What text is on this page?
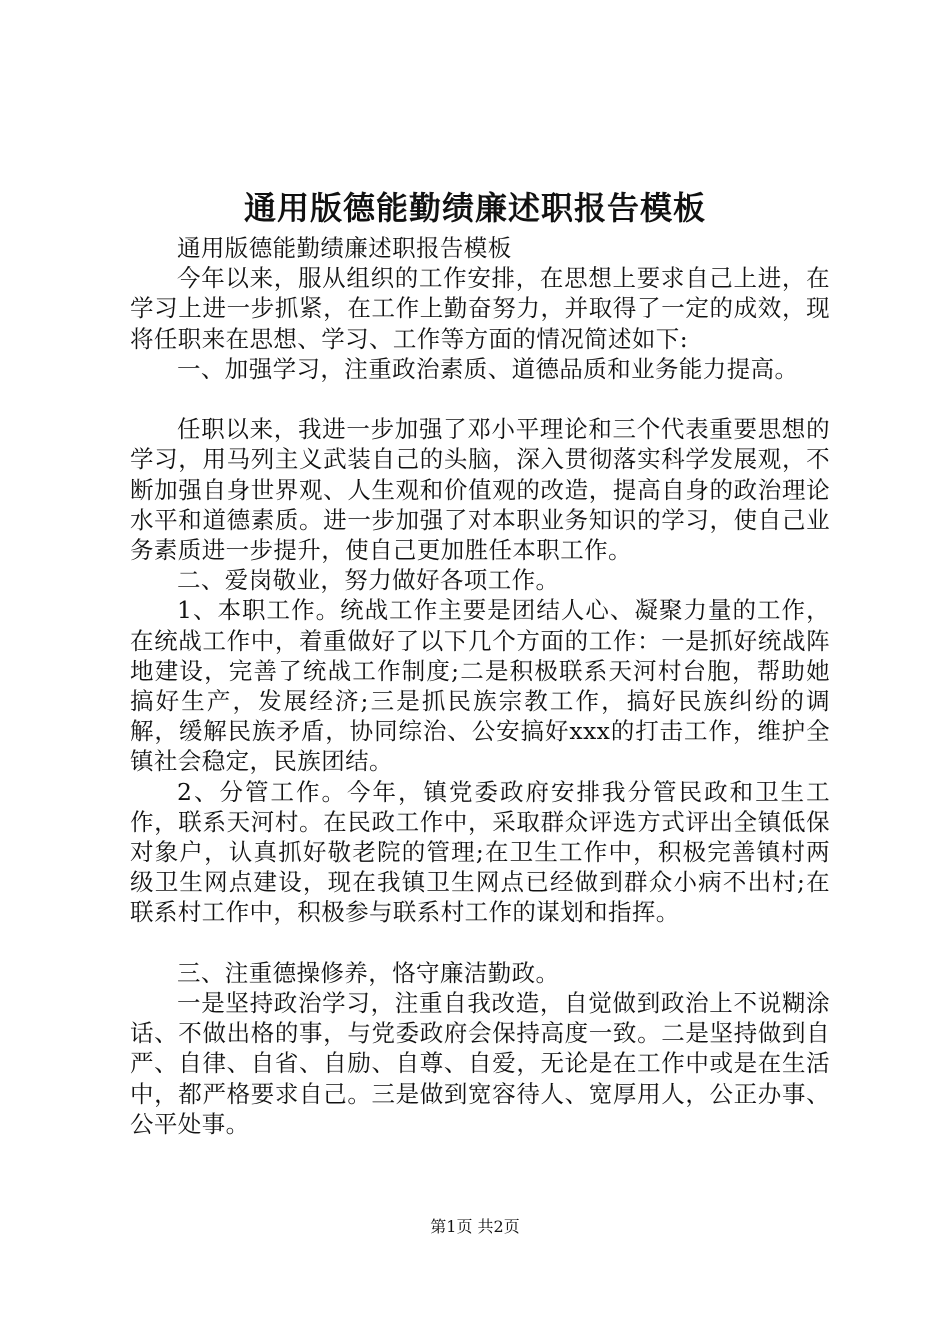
通用版德能勤绩廉述职报告模板

通用版德能勤绩廉述职报告模板

今年以来，服从组织的工作安排，在思想上要求自己上进，在学习上进一步抓紧，在工作上勤奋努力，并取得了一定的成效，现将任职来在思想、学习、工作等方面的情况简述如下:

一、加强学习，注重政治素质、道德品质和业务能力提高。

任职以来，我进一步加强了邓小平理论和三个代表重要思想的学习，用马列主义武装自己的头脑，深入贯彻落实科学发展观，不断加强自身世界观、人生观和价值观的改造，提高自身的政治理论水平和道德素质。进一步加强了对本职业务知识的学习，使自己业务素质进一步提升，使自己更加胜任本职工作。

二、爱岗敬业，努力做好各项工作。

1、本职工作。统战工作主要是团结人心、凝聚力量的工作，在统战工作中，着重做好了以下几个方面的工作：一是抓好统战阵地建设，完善了统战工作制度;二是积极联系天河村台胞，帮助她搞好生产，发展经济;三是抓民族宗教工作，搞好民族纠纷的调解，缓解民族矛盾，协同综治、公安搞好xxx的打击工作，维护全镇社会稳定，民族团结。

2、分管工作。今年，镇党委政府安排我分管民政和卫生工作，联系天河村。在民政工作中，采取群众评选方式评出全镇低保对象户，认真抓好敬老院的管理;在卫生工作中，积极完善镇村两级卫生网点建设，现在我镇卫生网点已经做到群众小病不出村;在联系村工作中，积极参与联系村工作的谋划和指挥。

三、注重德操修养，恪守廉洁勤政。

一是坚持政治学习，注重自我改造，自觉做到政治上不说糊涂话、不做出格的事，与党委政府会保持高度一致。二是坚持做到自严、自律、自省、自励、自尊、自爱，无论是在工作中或是在生活中，都严格要求自己。三是做到宽容待人、宽厚用人，公正办事、公平处事。

第1页 共2页
